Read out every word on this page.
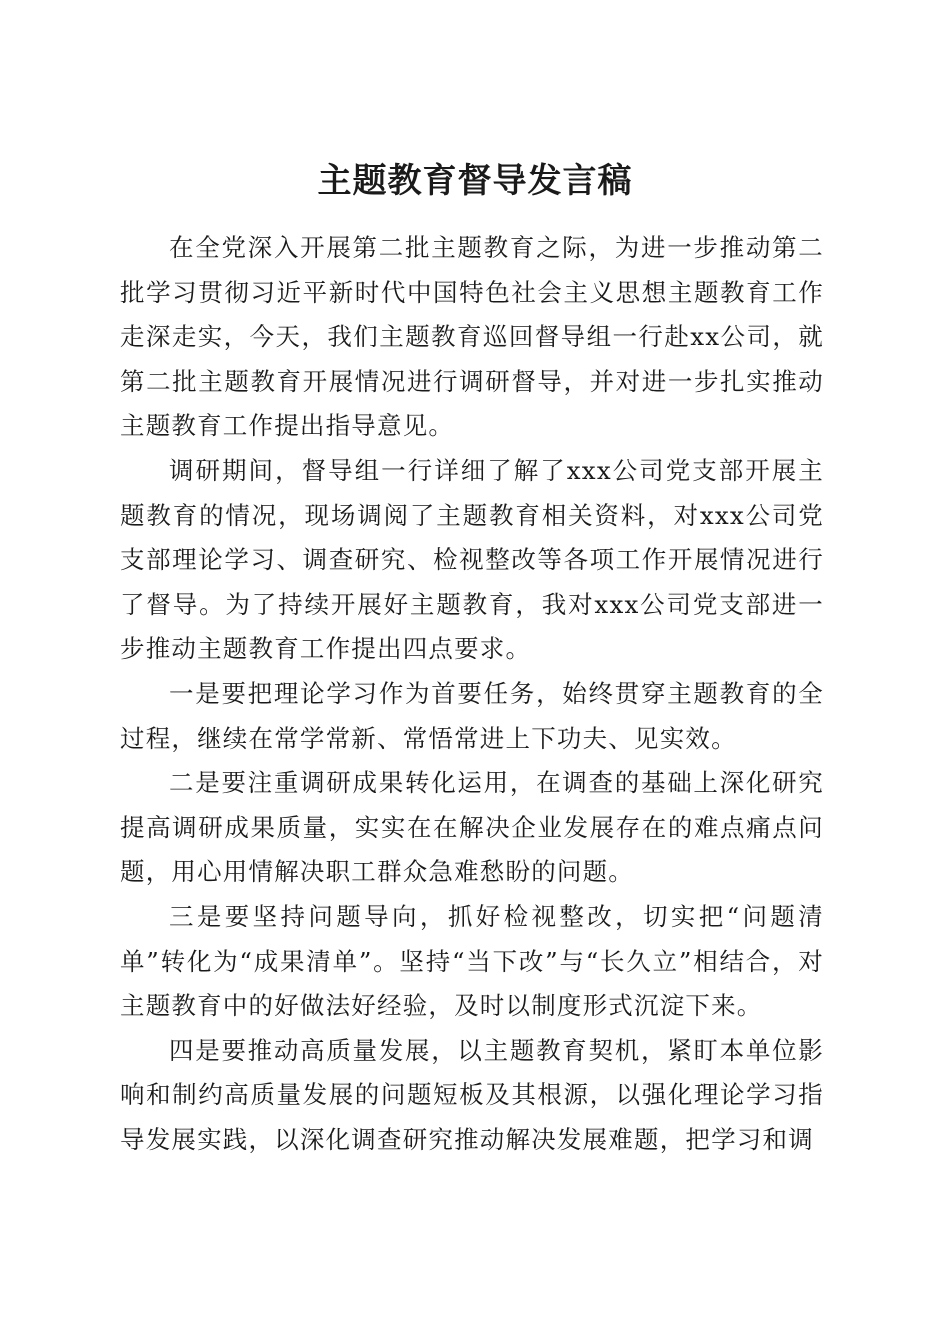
主题教育督导发言稿

在全党深入开展第二批主题教育之际，为进一步推动第二批学习贯彻习近平新时代中国特色社会主义思想主题教育工作走深走实，今天，我们主题教育巡回督导组一行赴xx公司，就第二批主题教育开展情况进行调研督导，并对进一步扎实推动主题教育工作提出指导意见。

调研期间，督导组一行详细了解了xxx公司党支部开展主题教育的情况，现场调阅了主题教育相关资料，对xxx公司党支部理论学习、调查研究、检视整改等各项工作开展情况进行了督导。为了持续开展好主题教育，我对xxx公司党支部进一步推动主题教育工作提出四点要求。

一是要把理论学习作为首要任务，始终贯穿主题教育的全过程，继续在常学常新、常悟常进上下功夫、见实效。

二是要注重调研成果转化运用，在调查的基础上深化研究提高调研成果质量，实实在在解决企业发展存在的难点痛点问题，用心用情解决职工群众急难愁盼的问题。

三是要坚持问题导向，抓好检视整改，切实把“问题清单”转化为“成果清单”。坚持“当下改”与“长久立”相结合，对主题教育中的好做法好经验，及时以制度形式沉淀下来。

四是要推动高质量发展，以主题教育契机，紧盯本单位影响和制约高质量发展的问题短板及其根源，以强化理论学习指导发展实践，以深化调查研究推动解决发展难题，把学习和调
